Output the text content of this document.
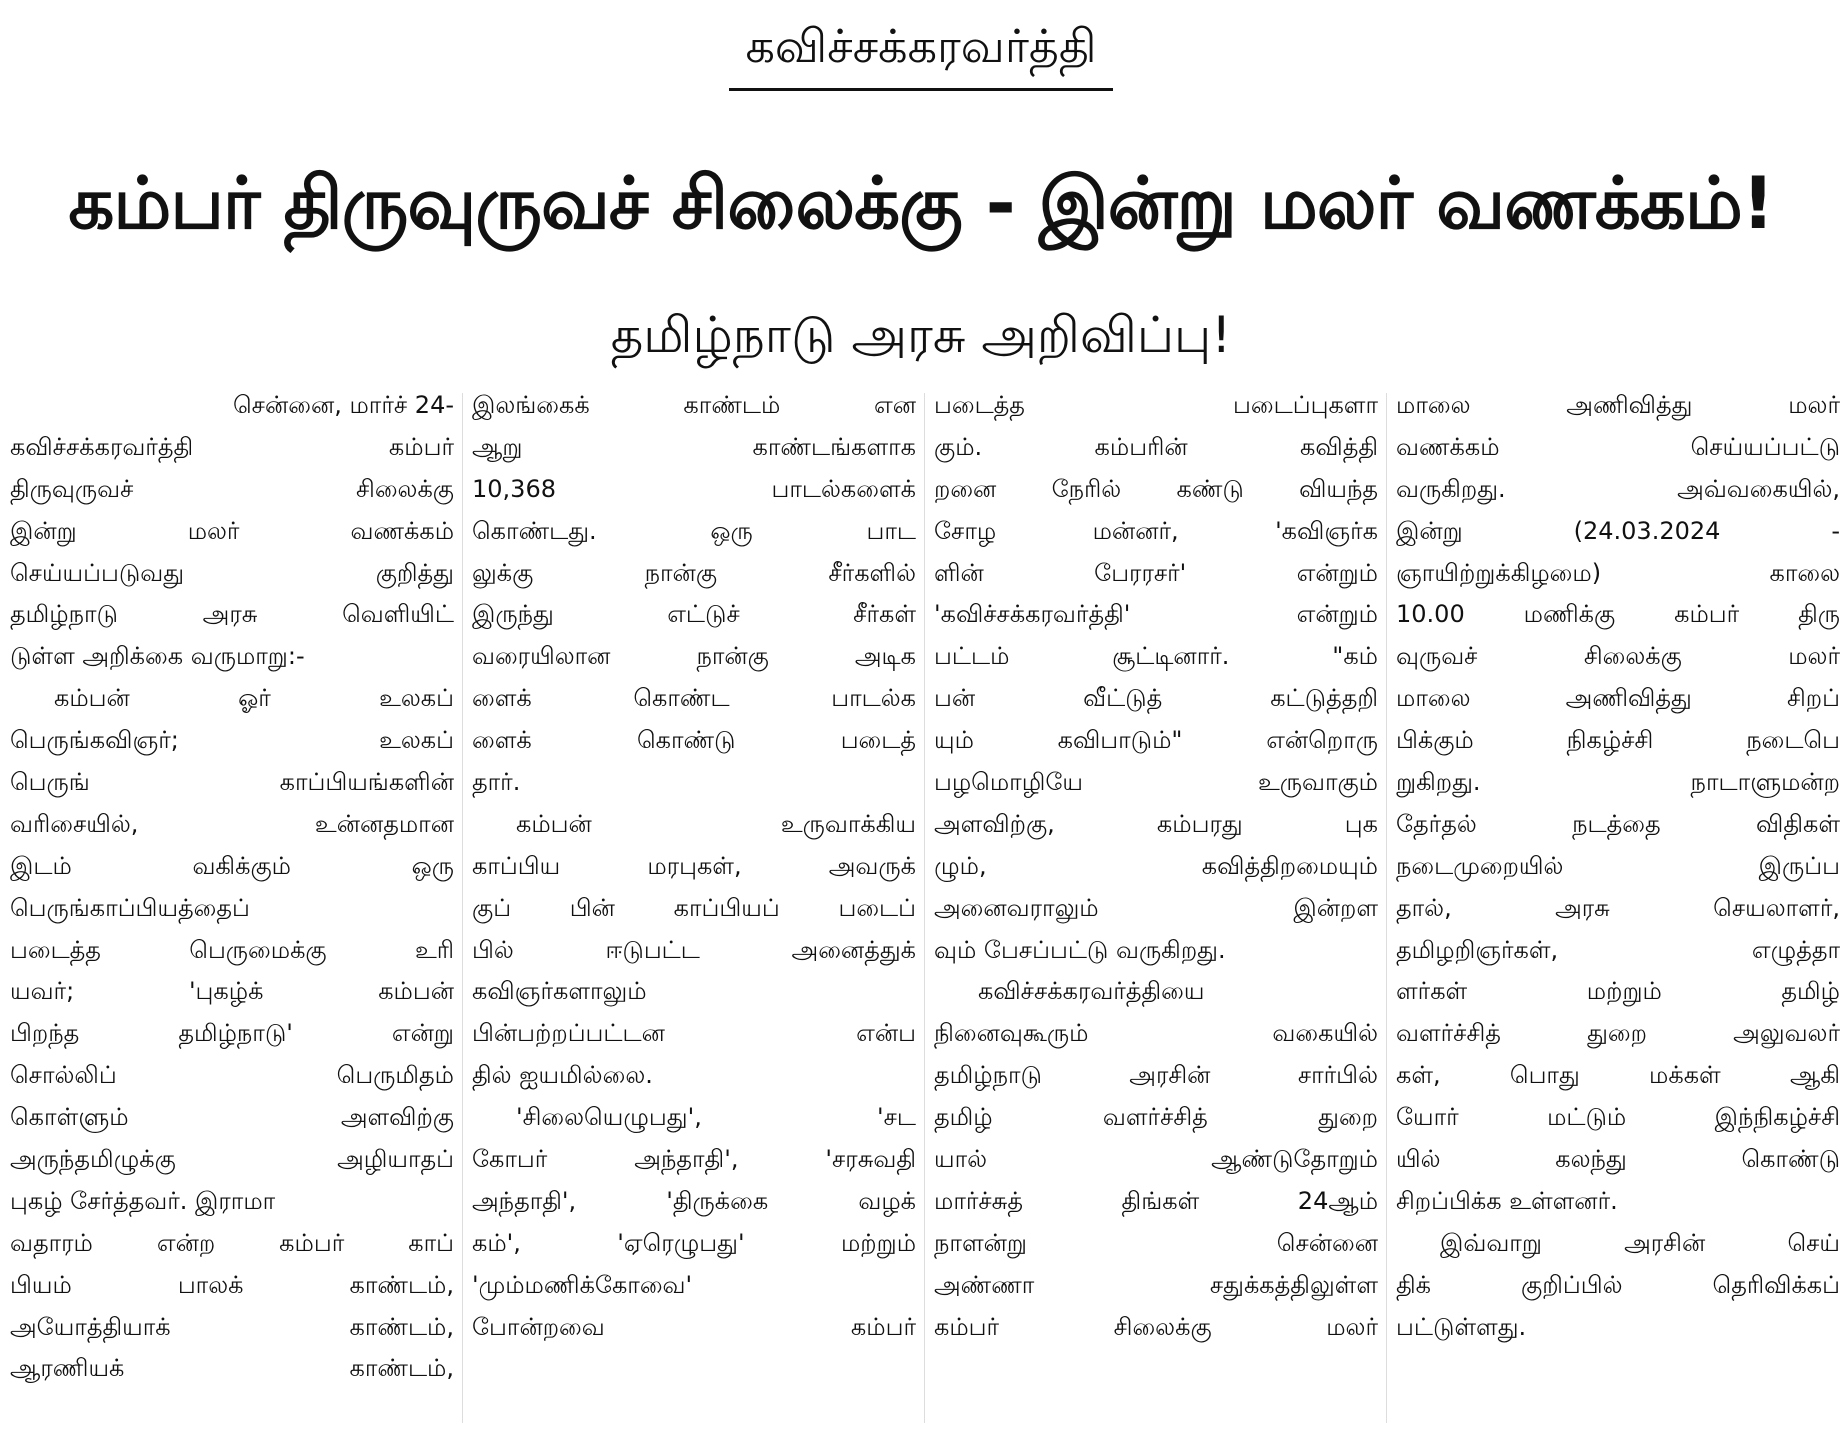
கவிச்சக்கரவர்த்தி
கம்பர் திருவுருவச் சிலைக்கு - இன்று மலர் வணக்கம்!
தமிழ்நாடு அரசு அறிவிப்பு!
சென்னை, மார்ச் 24-
கவிச்சக்கரவர்த்தி கம்பர்
திருவுருவச் சிலைக்கு
இன்று மலர் வணக்கம்
செய்யப்படுவது குறித்து
தமிழ்நாடு அரசு வெளியிட்
டுள்ள அறிக்கை வருமாறு:-
கம்பன் ஓர் உலகப்
பெருங்கவிஞர்; உலகப்
பெருங் காப்பியங்களின்
வரிசையில், உன்னதமான
இடம் வகிக்கும் ஒரு
பெருங்காப்பியத்தைப்
படைத்த பெருமைக்கு உரி
யவர்; 'புகழ்க் கம்பன்
பிறந்த தமிழ்நாடு' என்று
சொல்லிப் பெருமிதம்
கொள்ளும் அளவிற்கு
அருந்தமிழுக்கு அழியாதப்
புகழ் சேர்த்தவர். இராமா
வதாரம் என்ற கம்பர் காப்
பியம் பாலக் காண்டம்,
அயோத்தியாக் காண்டம்,
ஆரணியக் காண்டம்,
இலங்கைக் காண்டம் என
ஆறு காண்டங்களாக
10,368 பாடல்களைக்
கொண்டது. ஒரு பாட
லுக்கு நான்கு சீர்களில்
இருந்து எட்டுச் சீர்கள்
வரையிலான நான்கு அடிக
ளைக் கொண்ட பாடல்க
ளைக் கொண்டு படைத்
தார்.
கம்பன் உருவாக்கிய
காப்பிய மரபுகள், அவருக்
குப் பின் காப்பியப் படைப்
பில் ஈடுபட்ட அனைத்துக்
கவிஞர்களாலும்
பின்பற்றப்பட்டன என்ப
தில் ஐயமில்லை.
'சிலையெழுபது', 'சட
கோபர் அந்தாதி', 'சரசுவதி
அந்தாதி', 'திருக்கை வழக்
கம்', 'ஏரெழுபது' மற்றும்
'மும்மணிக்கோவை'
போன்றவை கம்பர்
படைத்த படைப்புகளா
கும். கம்பரின் கவித்தி
றனை நேரில் கண்டு வியந்த
சோழ மன்னர், 'கவிஞர்க
ளின் பேரரசர்' என்றும்
'கவிச்சக்கரவர்த்தி' என்றும்
பட்டம் சூட்டினார். "கம்
பன் வீட்டுத் கட்டுத்தறி
யும் கவிபாடும்" என்றொரு
பழமொழியே உருவாகும்
அளவிற்கு, கம்பரது புக
ழும், கவித்திறமையும்
அனைவராலும் இன்றள
வும் பேசப்பட்டு வருகிறது.
கவிச்சக்கரவர்த்தியை
நினைவுகூரும் வகையில்
தமிழ்நாடு அரசின் சார்பில்
தமிழ் வளர்ச்சித் துறை
யால் ஆண்டுதோறும்
மார்ச்சுத் திங்கள் 24ஆம்
நாளன்று சென்னை
அண்ணா சதுக்கத்திலுள்ள
கம்பர் சிலைக்கு மலர்
மாலை அணிவித்து மலர்
வணக்கம் செய்யப்பட்டு
வருகிறது. அவ்வகையில்,
இன்று (24.03.2024 -
ஞாயிற்றுக்கிழமை) காலை
10.00 மணிக்கு கம்பர் திரு
வுருவச் சிலைக்கு மலர்
மாலை அணிவித்து சிறப்
பிக்கும் நிகழ்ச்சி நடைபெ
றுகிறது. நாடாளுமன்ற
தேர்தல் நடத்தை விதிகள்
நடைமுறையில் இருப்ப
தால், அரசு செயலாளர்,
தமிழறிஞர்கள், எழுத்தா
ளர்கள் மற்றும் தமிழ்
வளர்ச்சித் துறை அலுவலர்
கள், பொது மக்கள் ஆகி
யோர் மட்டும் இந்நிகழ்ச்சி
யில் கலந்து கொண்டு
சிறப்பிக்க உள்ளனர்.
இவ்வாறு அரசின் செய்
திக் குறிப்பில் தெரிவிக்கப்
பட்டுள்ளது.
